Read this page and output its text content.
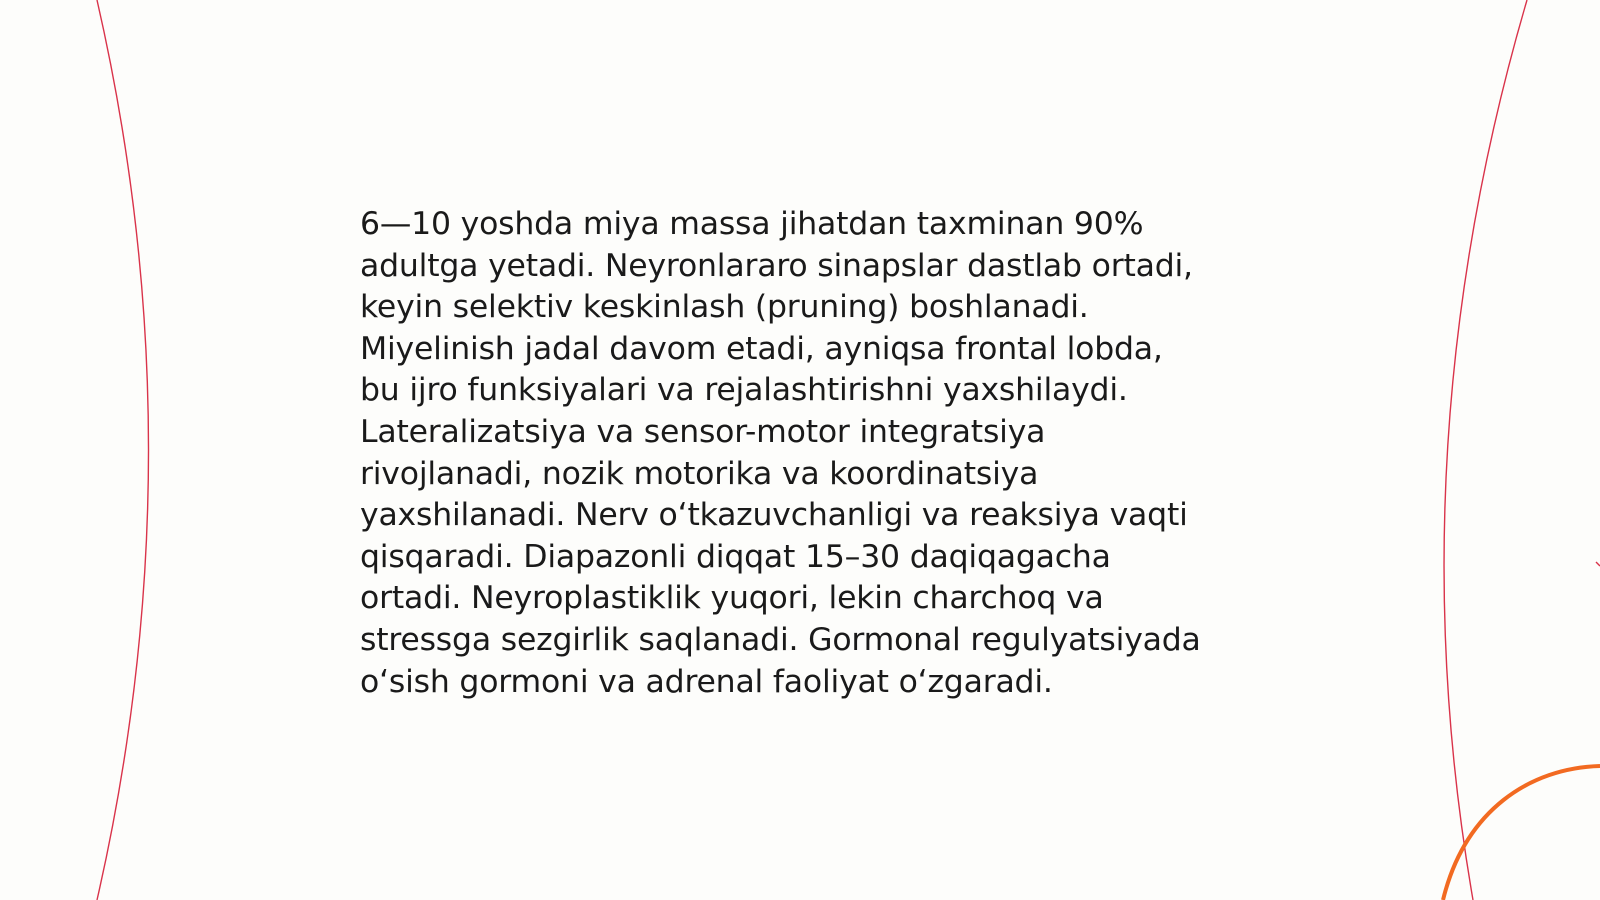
6—10 yoshda miya massa jihatdan taxminan 90%
adultga yetadi. Neyronlararo sinapslar dastlab ortadi,
keyin selektiv keskinlash (pruning) boshlanadi.
Miyelinish jadal davom etadi, ayniqsa frontal lobda,
bu ijro funksiyalari va rejalashtirishni yaxshilaydi.
Lateralizatsiya va sensor-motor integratsiya
rivojlanadi, nozik motorika va koordinatsiya
yaxshilanadi. Nerv o‘tkazuvchanligi va reaksiya vaqti
qisqaradi. Diapazonli diqqat 15–30 daqiqagacha
ortadi. Neyroplastiklik yuqori, lekin charchoq va
stressga sezgirlik saqlanadi. Gormonal regulyatsiyada
o‘sish gormoni va adrenal faoliyat o‘zgaradi.
